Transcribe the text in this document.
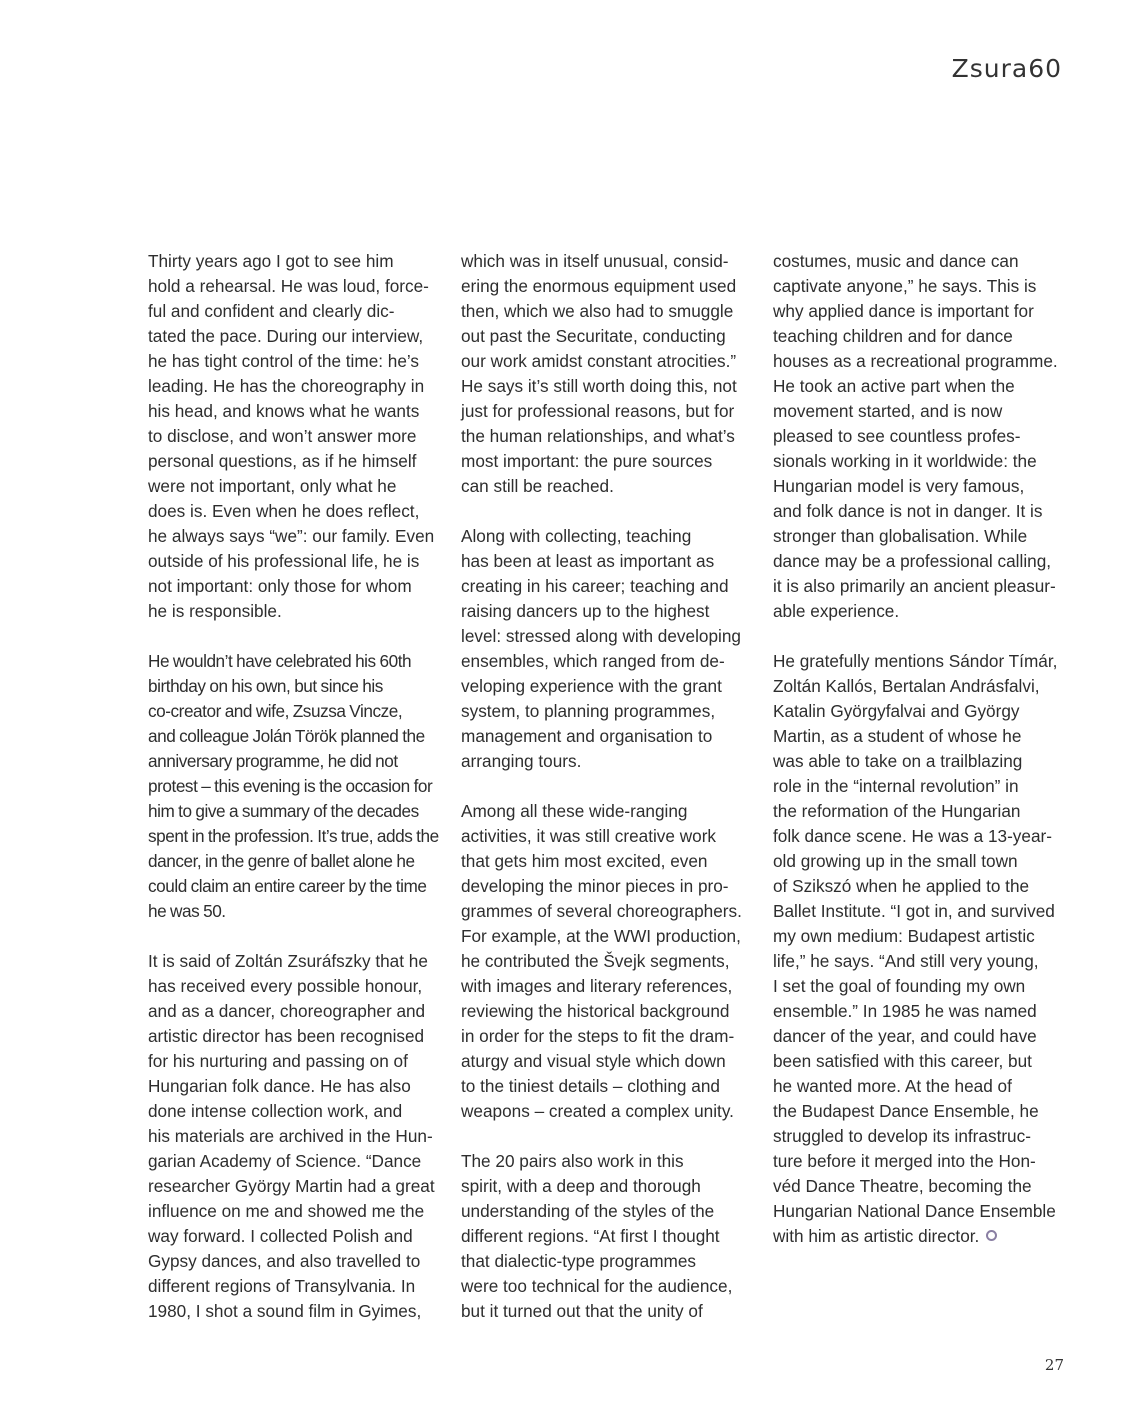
Zsura60

Thirty years ago I got to see him
hold a rehearsal. He was loud, force-
ful and confident and clearly dic-
tated the pace. During our interview,
he has tight control of the time: he’s
leading. He has the choreography in
his head, and knows what he wants
to disclose, and won’t answer more
personal questions, as if he himself
were not important, only what he
does is. Even when he does reflect,
he always says “we”: our family. Even
outside of his professional life, he is
not important: only those for whom
he is responsible.

He wouldn’t have celebrated his 60th
birthday on his own, but since his
co-creator and wife, Zsuzsa Vincze,
and colleague Jolán Török planned the
anniversary programme, he did not
protest – this evening is the occasion for
him to give a summary of the decades
spent in the profession. It’s true, adds the
dancer, in the genre of ballet alone he
could claim an entire career by the time
he was 50.

It is said of Zoltán Zsuráfszky that he
has received every possible honour,
and as a dancer, choreographer and
artistic director has been recognised
for his nurturing and passing on of
Hungarian folk dance. He has also
done intense collection work, and
his materials are archived in the Hun-
garian Academy of Science. “Dance
researcher György Martin had a great
influence on me and showed me the
way forward. I collected Polish and
Gypsy dances, and also travelled to
different regions of Transylvania. In
1980, I shot a sound film in Gyimes,

which was in itself unusual, consid-
ering the enormous equipment used
then, which we also had to smuggle
out past the Securitate, conducting
our work amidst constant atrocities.”
He says it’s still worth doing this, not
just for professional reasons, but for
the human relationships, and what’s
most important: the pure sources
can still be reached.

Along with collecting, teaching
has been at least as important as
creating in his career; teaching and
raising dancers up to the highest
level: stressed along with developing
ensembles, which ranged from de-
veloping experience with the grant
system, to planning programmes,
management and organisation to
arranging tours.

Among all these wide-ranging
activities, it was still creative work
that gets him most excited, even
developing the minor pieces in pro-
grammes of several choreographers.
For example, at the WWI production,
he contributed the Švejk segments,
with images and literary references,
reviewing the historical background
in order for the steps to fit the dram-
aturgy and visual style which down
to the tiniest details – clothing and
weapons – created a complex unity.

The 20 pairs also work in this
spirit, with a deep and thorough
understanding of the styles of the
different regions. “At first I thought
that dialectic-type programmes
were too technical for the audience,
but it turned out that the unity of

costumes, music and dance can
captivate anyone,” he says. This is
why applied dance is important for
teaching children and for dance
houses as a recreational programme.
He took an active part when the
movement started, and is now
pleased to see countless profes-
sionals working in it worldwide: the
Hungarian model is very famous,
and folk dance is not in danger. It is
stronger than globalisation. While
dance may be a professional calling,
it is also primarily an ancient pleasur-
able experience.

He gratefully mentions Sándor Tímár,
Zoltán Kallós, Bertalan Andrásfalvi,
Katalin Györgyfalvai and György
Martin, as a student of whose he
was able to take on a trailblazing
role in the “internal revolution” in
the reformation of the Hungarian
folk dance scene. He was a 13-year-
old growing up in the small town
of Szikszó when he applied to the
Ballet Institute. “I got in, and survived
my own medium: Budapest artistic
life,” he says. “And still very young,
I set the goal of founding my own
ensemble.” In 1985 he was named
dancer of the year, and could have
been satisfied with this career, but
he wanted more. At the head of
the Budapest Dance Ensemble, he
struggled to develop its infrastruc-
ture before it merged into the Hon-
véd Dance Theatre, becoming the
Hungarian National Dance Ensemble
with him as artistic director.

27
